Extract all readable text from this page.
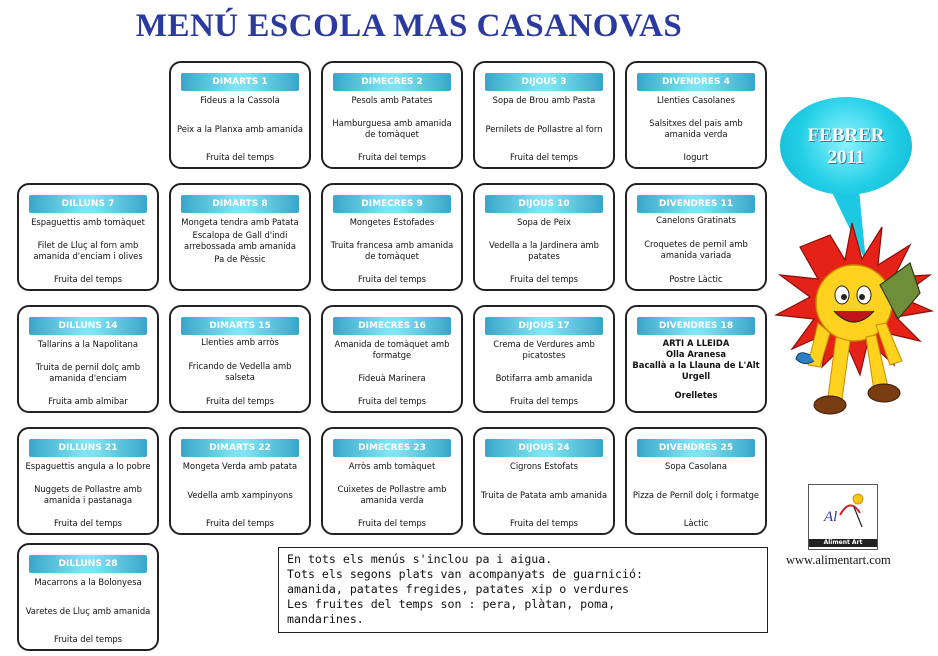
MENÚ ESCOLA MAS CASANOVAS
DIMARTS 1
Fideus a la Cassola
Peix a la Planxa amb amanida
Fruita del temps
DIMECRES 2
Pesols amb Patates
Hamburguesa amb amanida de tomàquet
Fruita del temps
DIJOUS 3
Sopa de Brou amb Pasta
Pernilets de Pollastre al forn
Fruita del temps
DIVENDRES 4
Llenties Casolanes
Salsitxes del pais amb amanida verda
Iogurt
DILLUNS 7
Espaguettis amb tomàquet
Filet de Lluç al forn amb amanida d'enciam i olives
Fruita del temps
DIMARTS 8
Mongeta tendra amb Patata
Escalopa de Gall d'indi arrebossada amb amanida
Pa de Pèssic
DIMECRES 9
Mongetes Estofades
Truita francesa amb amanida de tomàquet
Fruita del temps
DIJOUS 10
Sopa de Peix
Vedella a la Jardinera amb patates
Fruita del temps
DIVENDRES 11
Canelons Gratinats
Croquetes de pernil amb amanida variada
Postre Làctic
DILLUNS 14
Tallarins a la Napolitana
Truita de pernil dolç amb amanida d'enciam
Fruita amb almibar
DIMARTS 15
Llenties amb arròs
Fricando de Vedella amb salseta
Fruita del temps
DIMECRES 16
Amanida de tomàquet amb formatge
Fideuà Marinera
Fruita del temps
DIJOUS 17
Crema de Verdures amb picatostes
Botifarra amb amanida
Fruita del temps
DIVENDRES 18
ARTI A LLEIDA
Olla Aranesa
Bacallà a la Llauna de L'Alt Urgell
Orelletes
DILLUNS 21
Espaguettis angula a lo pobre
Nuggets de Pollastre amb amanida i pastanaga
Fruita del temps
DIMARTS 22
Mongeta Verda amb patata
Vedella amb xampinyons
Fruita del temps
DIMECRES 23
Arròs amb tomàquet
Cuixetes de Pollastre amb amanida verda
Fruita del temps
DIJOUS 24
Cigrons Estofats
Truita de Patata amb amanida
Fruita del temps
DIVENDRES 25
Sopa Casolana
Pizza de Pernil dolç i formatge
Làctic
DILLUNS 28
Macarrons a la Bolonyesa
Varetes de Lluç amb amanida
Fruita del temps
FEBRER
2011
En tots els menús s'inclou pa i aigua.
Tots els segons plats van acompanyats de guarnició:
amanida, patates fregides, patates xip o verdures
Les fruites del temps son : pera, plàtan, poma,
mandarines.
Al
Aliment Art
www.alimentart.com
